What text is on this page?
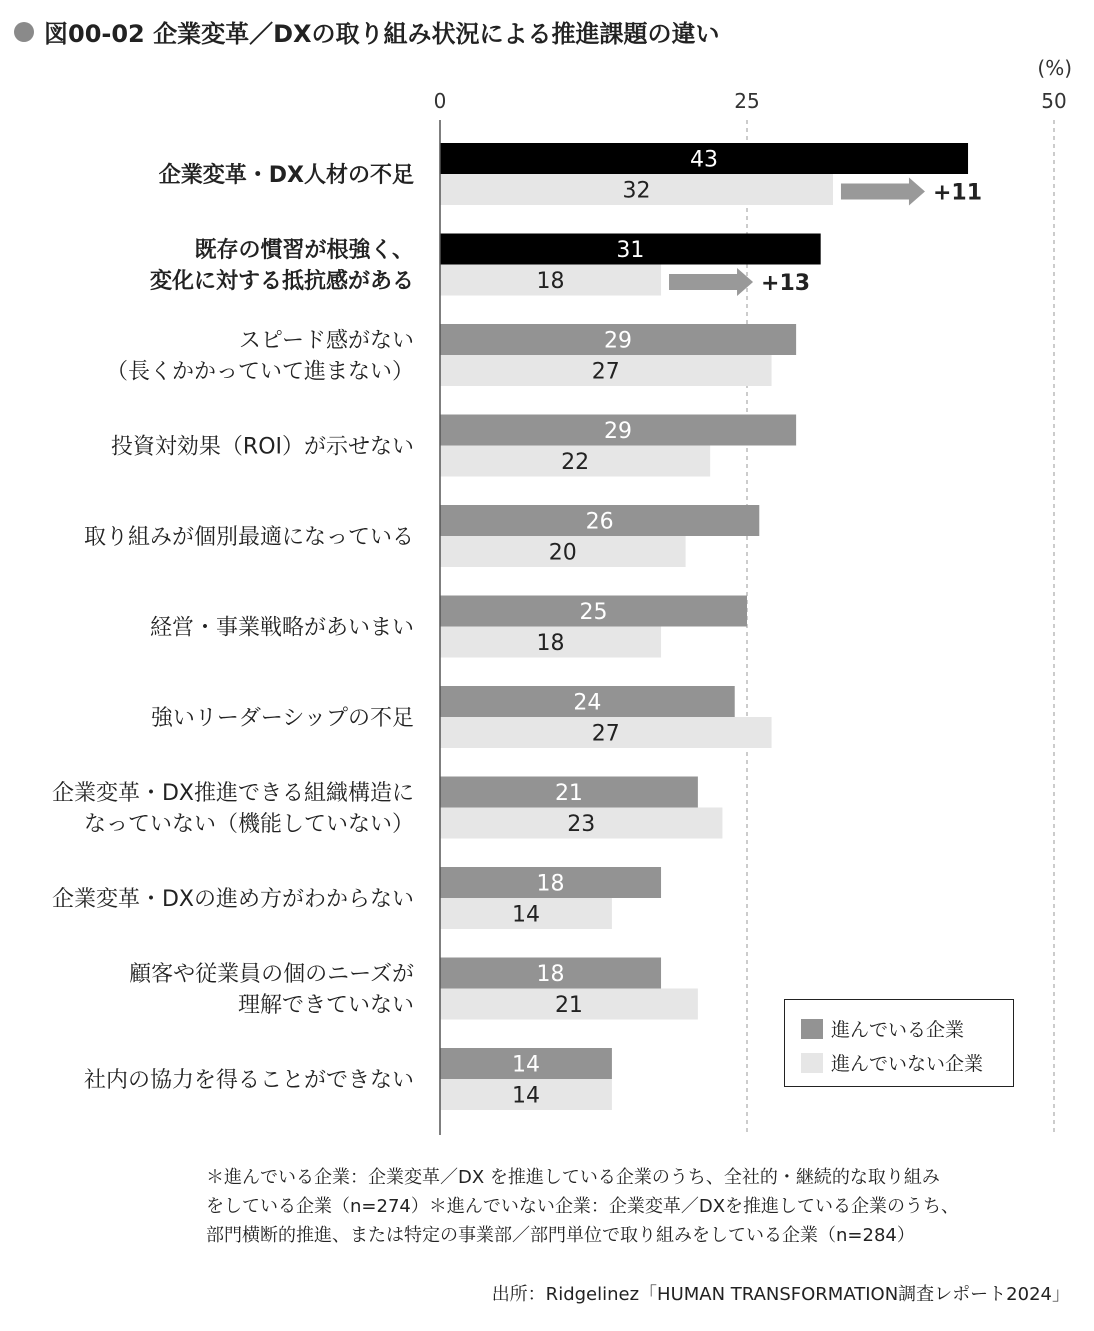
図00-02 企業変革／DXの取り組み状況による推進課題の違い
0	25	50
(%)
43
32
31
18
29
27
29
22
26
20
25
18
24
27
21
23
18
14
18
21
14
14
企業変革・DX人材の不足
既存の慣習が根強く、
変化に対する抵抗感がある
スピード感がない
（長くかかっていて進まない）
投資対効果（ROI）が示せない
取り組みが個別最適になっている
経営・事業戦略があいまい
強いリーダーシップの不足
企業変革・DX推進できる組織構造に
なっていない（機能していない）
企業変革・DXの進め方がわからない
顧客や従業員の個のニーズが
理解できていない
社内の協力を得ることができない
+11
+13
進んでいる企業
進んでいない企業
＊進んでいる企業：企業変革／DX を推進している企業のうち、全社的・継続的な取り組み
をしている企業（n=274）＊進んでいない企業：企業変革／DXを推進している企業のうち、
部門横断的推進、または特定の事業部／部門単位で取り組みをしている企業（n=284）
出所：Ridgelinez「HUMAN TRANSFORMATION調査レポート2024」
